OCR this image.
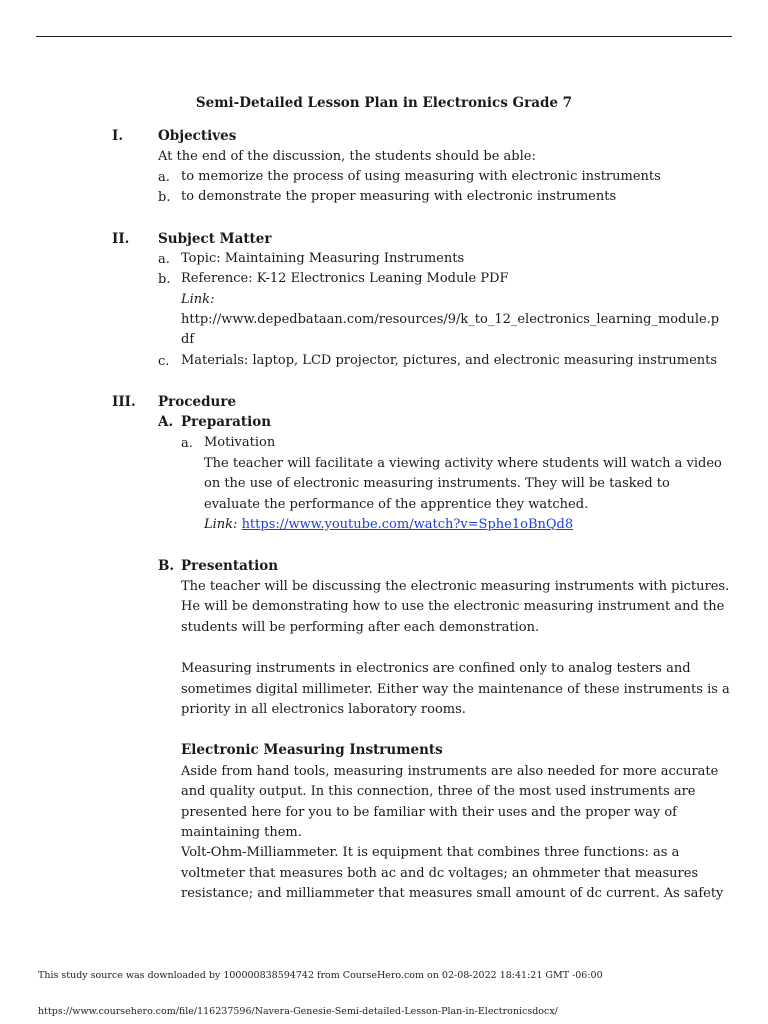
Semi-Detailed Lesson Plan in Electronics Grade 7
I.	Objectives
At the end of the discussion, the students should be able:
a. to memorize the process of using measuring with electronic instruments
b. to demonstrate the proper measuring with electronic instruments
II. Subject Matter
a. Topic: Maintaining Measuring Instruments
b. Reference: K-12 Electronics Leaning Module PDF
Link:
http://www.depedbataan.com/resources/9/k_to_12_electronics_learning_module.p
df
c. Materials: laptop, LCD projector, pictures, and electronic measuring instruments
III. Procedure
A. Preparation
a. Motivation
The teacher will facilitate a viewing activity where students will watch a video
on the use of electronic measuring instruments. They will be tasked to
evaluate the performance of the apprentice they watched.
Link: https://www.youtube.com/watch?v=Sphe1oBnQd8
B. Presentation
The teacher will be discussing the electronic measuring instruments with pictures.
He will be demonstrating how to use the electronic measuring instrument and the
students will be performing after each demonstration.
Measuring instruments in electronics are confined only to analog testers and
sometimes digital millimeter. Either way the maintenance of these instruments is a
priority in all electronics laboratory rooms.
Electronic Measuring Instruments
Aside from hand tools, measuring instruments are also needed for more accurate
and quality output. In this connection, three of the most used instruments are
presented here for you to be familiar with their uses and the proper way of
maintaining them.
Volt-Ohm-Milliammeter. It is equipment that combines three functions: as a
voltmeter that measures both ac and dc voltages; an ohmmeter that measures
resistance; and milliammeter that measures small amount of dc current. As safety
This study source was downloaded by 100000838594742 from CourseHero.com on 02-08-2022 18:41:21 GMT -06:00
https://www.coursehero.com/file/116237596/Navera-Genesie-Semi-detailed-Lesson-Plan-in-Electronicsdocx/
